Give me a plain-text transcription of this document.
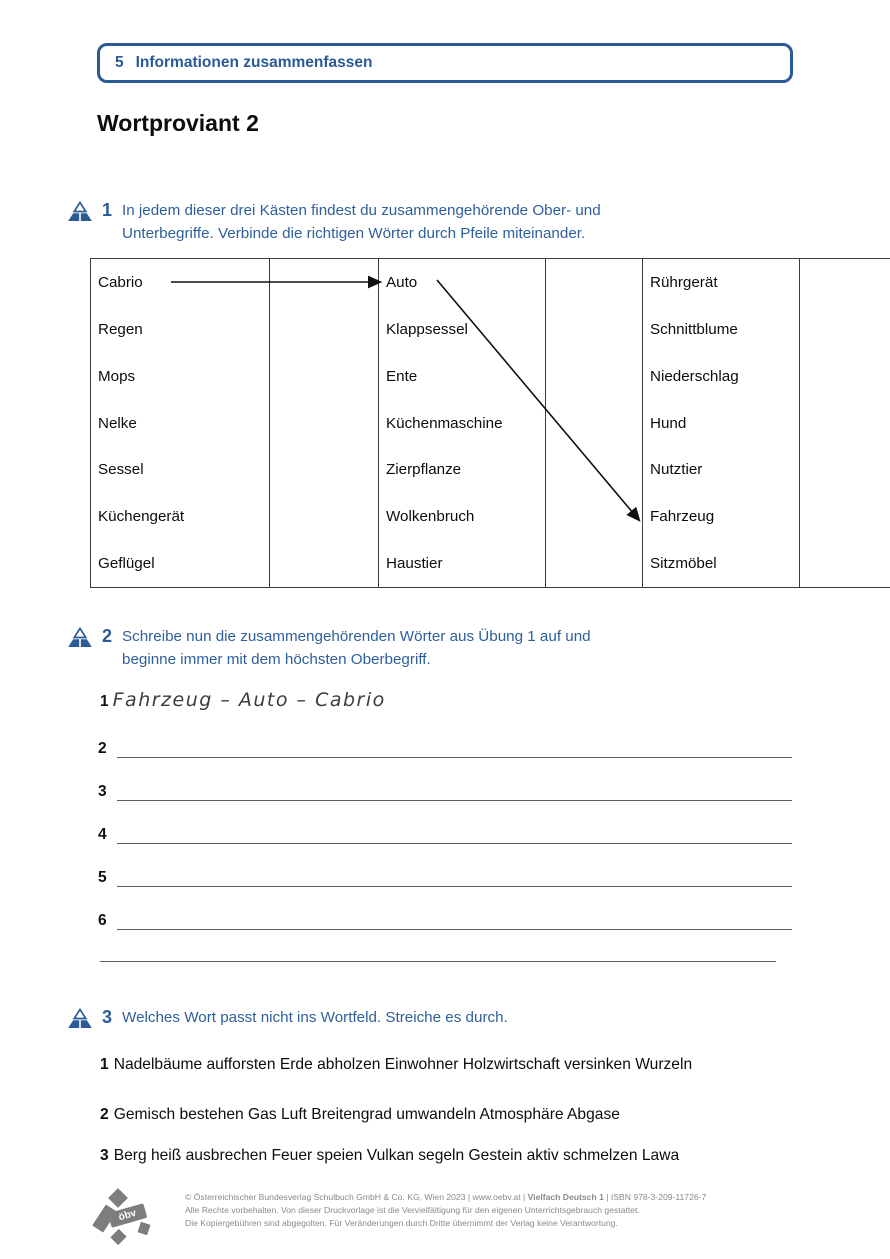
5 Informationen zusammenfassen
Wortproviant 2
1 In jedem dieser drei Kästen findest du zusammengehörende Ober- und
Unterbegriffe. Verbinde die richtigen Wörter durch Pfeile miteinander.
Cabrio
Regen
Mops
Nelke
Sessel
Küchengerät
Geflügel
Auto
Klappsessel
Ente
Küchenmaschine
Zierpflanze
Wolkenbruch
Haustier
Rührgerät
Schnittblume
Niederschlag
Hund
Nutztier
Fahrzeug
Sitzmöbel
2 Schreibe nun die zusammengehörenden Wörter aus Übung 1 auf und
beginne immer mit dem höchsten Oberbegriff.
1 Fahrzeug – Auto – Cabrio
2
3
4
5
6
3 Welches Wort passt nicht ins Wortfeld. Streiche es durch.
1 Nadelbäume aufforsten Erde abholzen Einwohner Holzwirtschaft versinken Wurzeln
2 Gemisch bestehen Gas Luft Breitengrad umwandeln Atmosphäre Abgase
3 Berg heiß ausbrechen Feuer speien Vulkan segeln Gestein aktiv schmelzen Lawa
öbv
© Österreichischer Bundesverlag Schulbuch GmbH & Co. KG, Wien 2023 | www.oebv.at | Vielfach Deutsch 1 | ISBN 978-3-209-11726-7
Alle Rechte vorbehalten. Von dieser Druckvorlage ist die Vervielfältigung für den eigenen Unterrichtsgebrauch gestattet.
Die Kopiergebühren sind abgegolten. Für Veränderungen durch Dritte übernimmt der Verlag keine Verantwortung.
